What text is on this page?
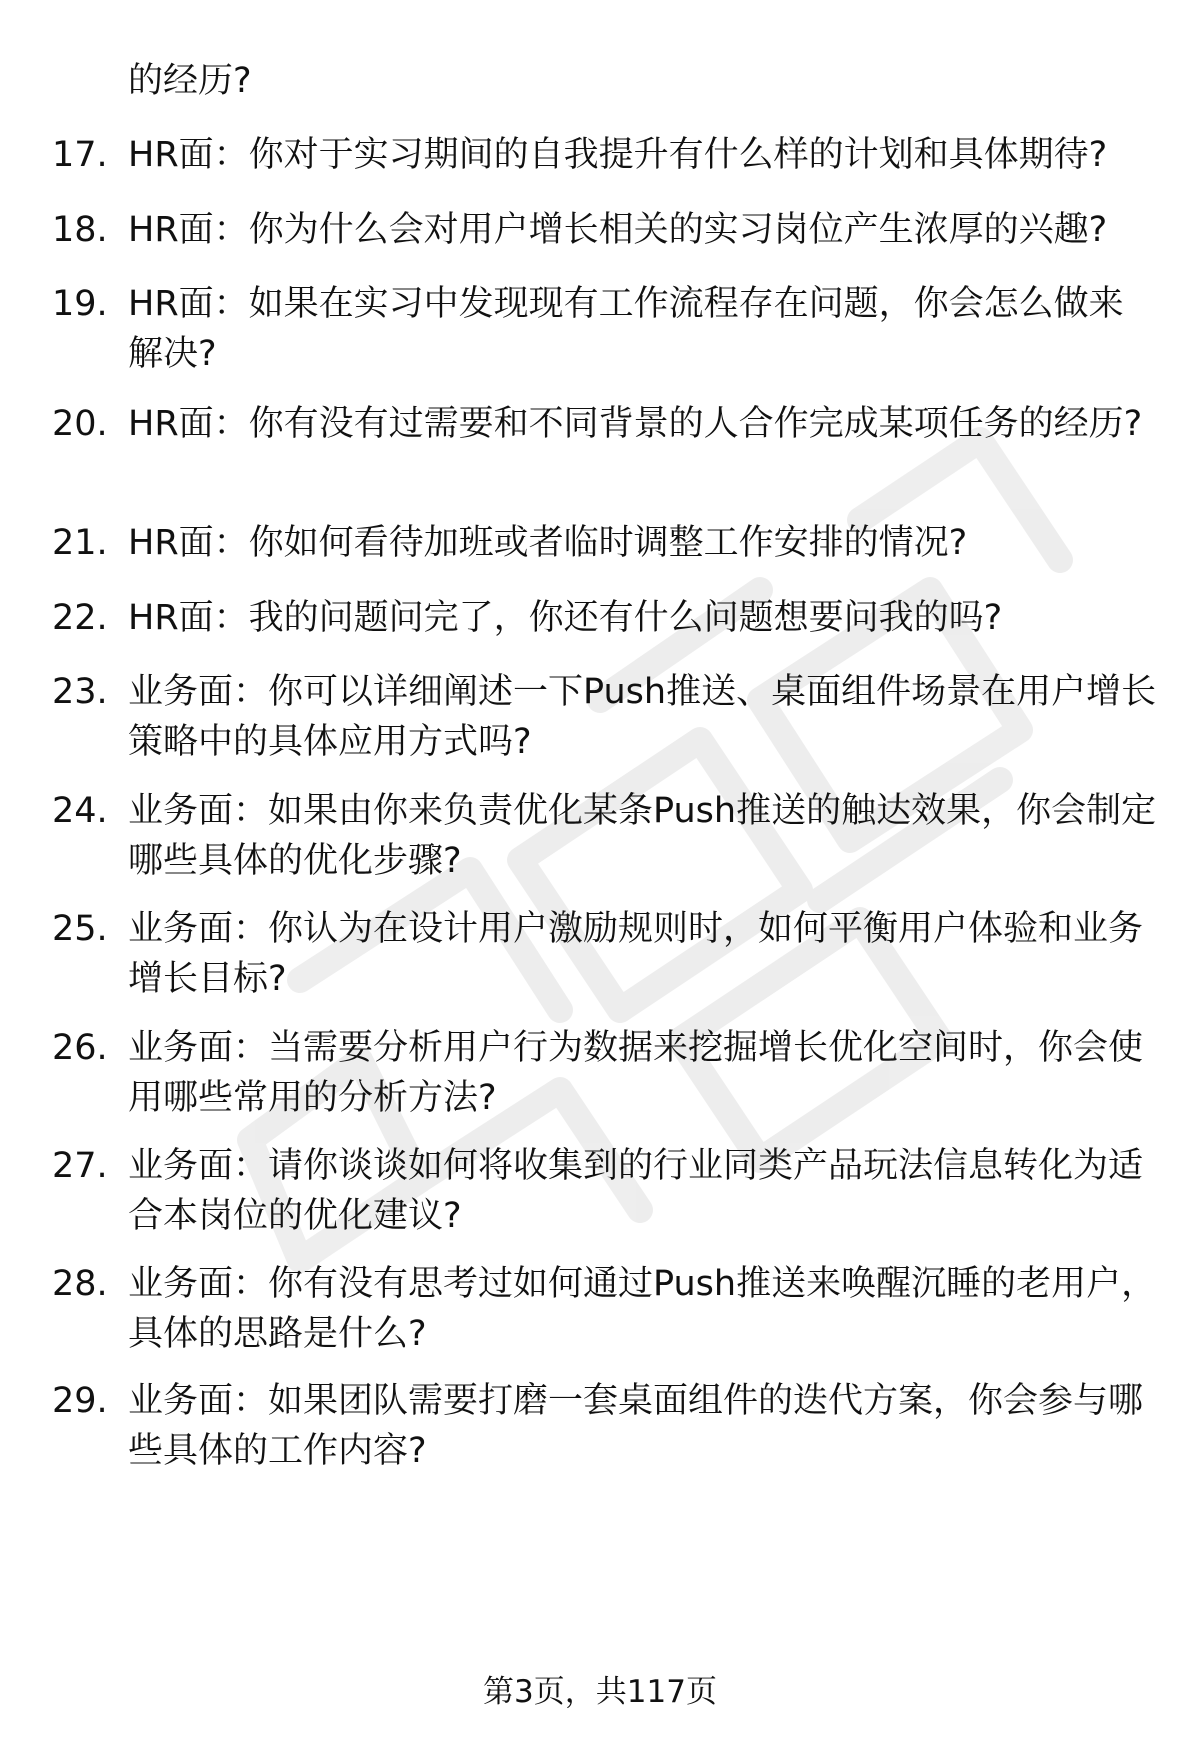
的经历?
17. HR面：你对于实习期间的自我提升有什么样的计划和具体期待?
18. HR面：你为什么会对用户增长相关的实习岗位产生浓厚的兴趣?
19. HR面：如果在实习中发现现有工作流程存在问题，你会怎么做来解决?
20. HR面：你有没有过需要和不同背景的人合作完成某项任务的经历?
21. HR面：你如何看待加班或者临时调整工作安排的情况?
22. HR面：我的问题问完了，你还有什么问题想要问我的吗?
23. 业务面：你可以详细阐述一下Push推送、桌面组件场景在用户增长策略中的具体应用方式吗?
24. 业务面：如果由你来负责优化某条Push推送的触达效果，你会制定哪些具体的优化步骤?
25. 业务面：你认为在设计用户激励规则时，如何平衡用户体验和业务增长目标?
26. 业务面：当需要分析用户行为数据来挖掘增长优化空间时，你会使用哪些常用的分析方法?
27. 业务面：请你谈谈如何将收集到的行业同类产品玩法信息转化为适合本岗位的优化建议?
28. 业务面：你有没有思考过如何通过Push推送来唤醒沉睡的老用户，具体的思路是什么?
29. 业务面：如果团队需要打磨一套桌面组件的迭代方案，你会参与哪些具体的工作内容?
第3页，共117页
